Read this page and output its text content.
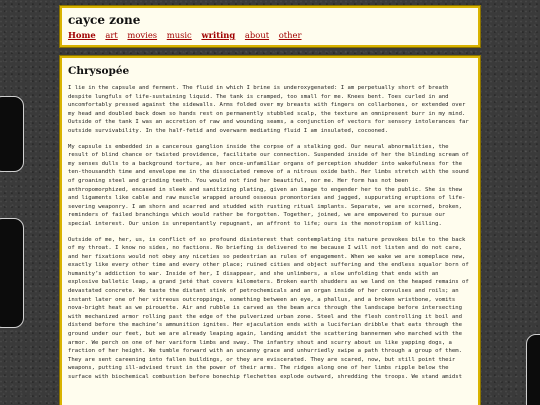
cayce zone
Home art movies music writing about other
Chrysopée

I lie in the capsule and ferment. The fluid in which I brine is underoxygenated: I am perpetually short of breath despite lungfuls of life-sustaining liquid. The tank is cramped, too small for me. Knees bent. Toes curled in and uncomfortably pressed against the sidewalls. Arms folded over my breasts with fingers on collarbones, or extended over my head and doubled back down so hands rest on permanently stubbled scalp, the texture an omnipresent burr in my mind. Outside of the tank I was an accretion of raw and wounding seams, a conjunction of vectors for sensory intolerances far outside survivability. In the half-fetid and overwarm mediating fluid I am insulated, cocooned.

My capsule is embedded in a cancerous ganglion inside the corpse of a stalking god. Our neural abnormalities, the result of blind chance or twisted providence, facilitate our connection. Suspended inside of her the blinding scream of my senses dulls to a background torture, as her once-unfamiliar organs of perception shudder into wakefulness for the ten-thousandth time and envelope me in the dissociated remove of a nitrous oxide bath. Her limbs stretch with the sound of groaning steel and grinding teeth. You would not find her beautiful, nor me. Her form has not been anthropomorphized, encased in sleek and sanitizing plating, given an image to engender her to the public. She is thew and ligaments like cable and raw muscle wrapped around osseous promontories and jagged, suppurating eruptions of life-severing weaponry. I am shorn and scarred and studded with rusting ritual implants. Separate, we are scorned, broken, reminders of failed branchings which would rather be forgotten. Together, joined, we are empowered to pursue our special interest. Our union is unrepentantly repugnant, an affront to life; ours is the monotropism of killing.

Outside of me, her, us, is conflict of so profound disinterest that contemplating its nature provokes bile to the back of my throat. I know no sides, no factions. No briefing is delivered to me because I will not listen and do not care, and her fixations would not obey any niceties so pedestrian as rules of engagement. When we wake we are someplace new, exactly like every other time and every other place; ruined cities and object suffering and the endless squalor born of humanity’s addiction to war. Inside of her, I disappear, and she unlimbers, a slow unfolding that ends with an explosive balletic leap, a grand jeté that covers kilometers. Broken earth shudders as we land on the heaped remains of devastated concrete. We taste the distant stink of petrochemicals and an organ inside of her convulses and roils; an instant later one of her vitreous outcroppings, something between an eye, a phallus, and a broken wristbone, vomits nova-bright heat as we pirouette. Air and rubble is carved as the beam arcs through the landscape before intersecting with mechanized armor rolling past the edge of the pulverized urban zone. Steel and the flesh controlling it boil and distend before the machine’s ammunition ignites. Her ejaculation ends with a luciferian dribble that eats through the ground under our feet, but we are already leaping again, landing amidst the scattering bannermen who marched with the armor. We perch on one of her variform limbs and sway. The infantry shout and scurry about us like yapping dogs, a fraction of her height. We tumble forward with an uncanny grace and unhurriedly swipe a path through a group of them. They are sent careening into fallen buildings, or they are eviscerated. They are scared, now, but still point their weapons, putting ill-advised trust in the power of their arms. The ridges along one of her limbs ripple below the surface with biochemical combustion before bonechip flechettes explode outward, shredding the troops. We stand amidst
